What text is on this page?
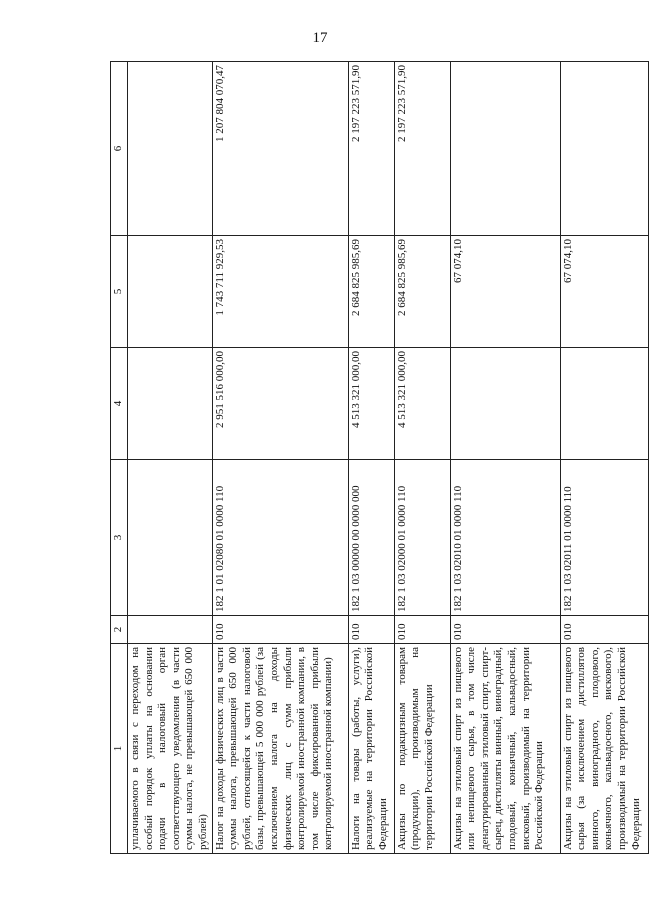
17
1	2	3	4	5	6
уплачиваемого в связи с переходом на особый порядок уплаты на основании подачи в налоговый орган соответствующего уведомления (в части суммы налога, не превышающей 650 000 рублей)					
Налог на доходы физических лиц в части суммы налога, превышающей 650 000 рублей, относящейся к части налоговой базы, превышающей 5 000 000 рублей (за исключением налога на доходы физических лиц с сумм прибыли контролируемой иностранной компании, в том числе фиксированной прибыли контролируемой иностранной компании)	010	182 1 01 02080 01 0000 110	2 951 516 000,00	1 743 711 929,53	1 207 804 070,47
Налоги на товары (работы, услуги), реализуемые на территории Российской Федерации	010	182 1 03 00000 00 0000 000	4 513 321 000,00	2 684 825 985,69	2 197 223 571,90
Акцизы по подакцизным товарам (продукции), производимым на территории Российской Федерации	010	182 1 03 02000 01 0000 110	4 513 321 000,00	2 684 825 985,69	2 197 223 571,90
Акцизы на этиловый спирт из пищевого или непищевого сырья, в том числе денатурированный этиловый спирт, спирт-сырец, дистилляты винный, виноградный, плодовый, коньячный, кальвадосный, висковый, производимый на территории Российской Федерации	010	182 1 03 02010 01 0000 110		67 074,10	
Акцизы на этиловый спирт из пищевого сырья (за исключением дистиллятов винного, виноградного, плодового, коньячного, кальвадосного, вискового), производимый на территории Российской Федерации	010	182 1 03 02011 01 0000 110		67 074,10	
